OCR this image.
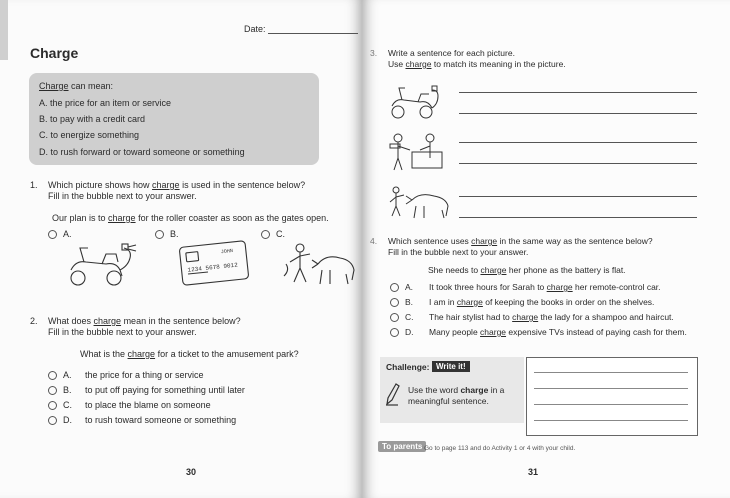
Date:
Charge
Charge can mean:
A. the price for an item or service
B. to pay with a credit card
C. to energize something
D. to rush forward or toward someone or something
1. Which picture shows how charge is used in the sentence below?
Fill in the bubble next to your answer.
Our plan is to charge for the roller coaster as soon as the gates open.
A.	B.	C.
1234 5678 9012
JOHN
2. What does charge mean in the sentence below?
Fill in the bubble next to your answer.
What is the charge for a ticket to the amusement park?
A. the price for a thing or service
B. to put off paying for something until later
C. to place the blame on someone
D. to rush toward someone or something
30
3. Write a sentence for each picture.
Use charge to match its meaning in the picture.
4. Which sentence uses charge in the same way as the sentence below?
Fill in the bubble next to your answer.
She needs to charge her phone as the battery is flat.
A. It took three hours for Sarah to charge her remote-control car.
B. I am in charge of keeping the books in order on the shelves.
C. The hair stylist had to charge the lady for a shampoo and haircut.
D. Many people charge expensive TVs instead of paying cash for them.
Challenge: Write it!
Use the word charge in a
meaningful sentence.
To parents Go to page 113 and do Activity 1 or 4 with your child.
31
